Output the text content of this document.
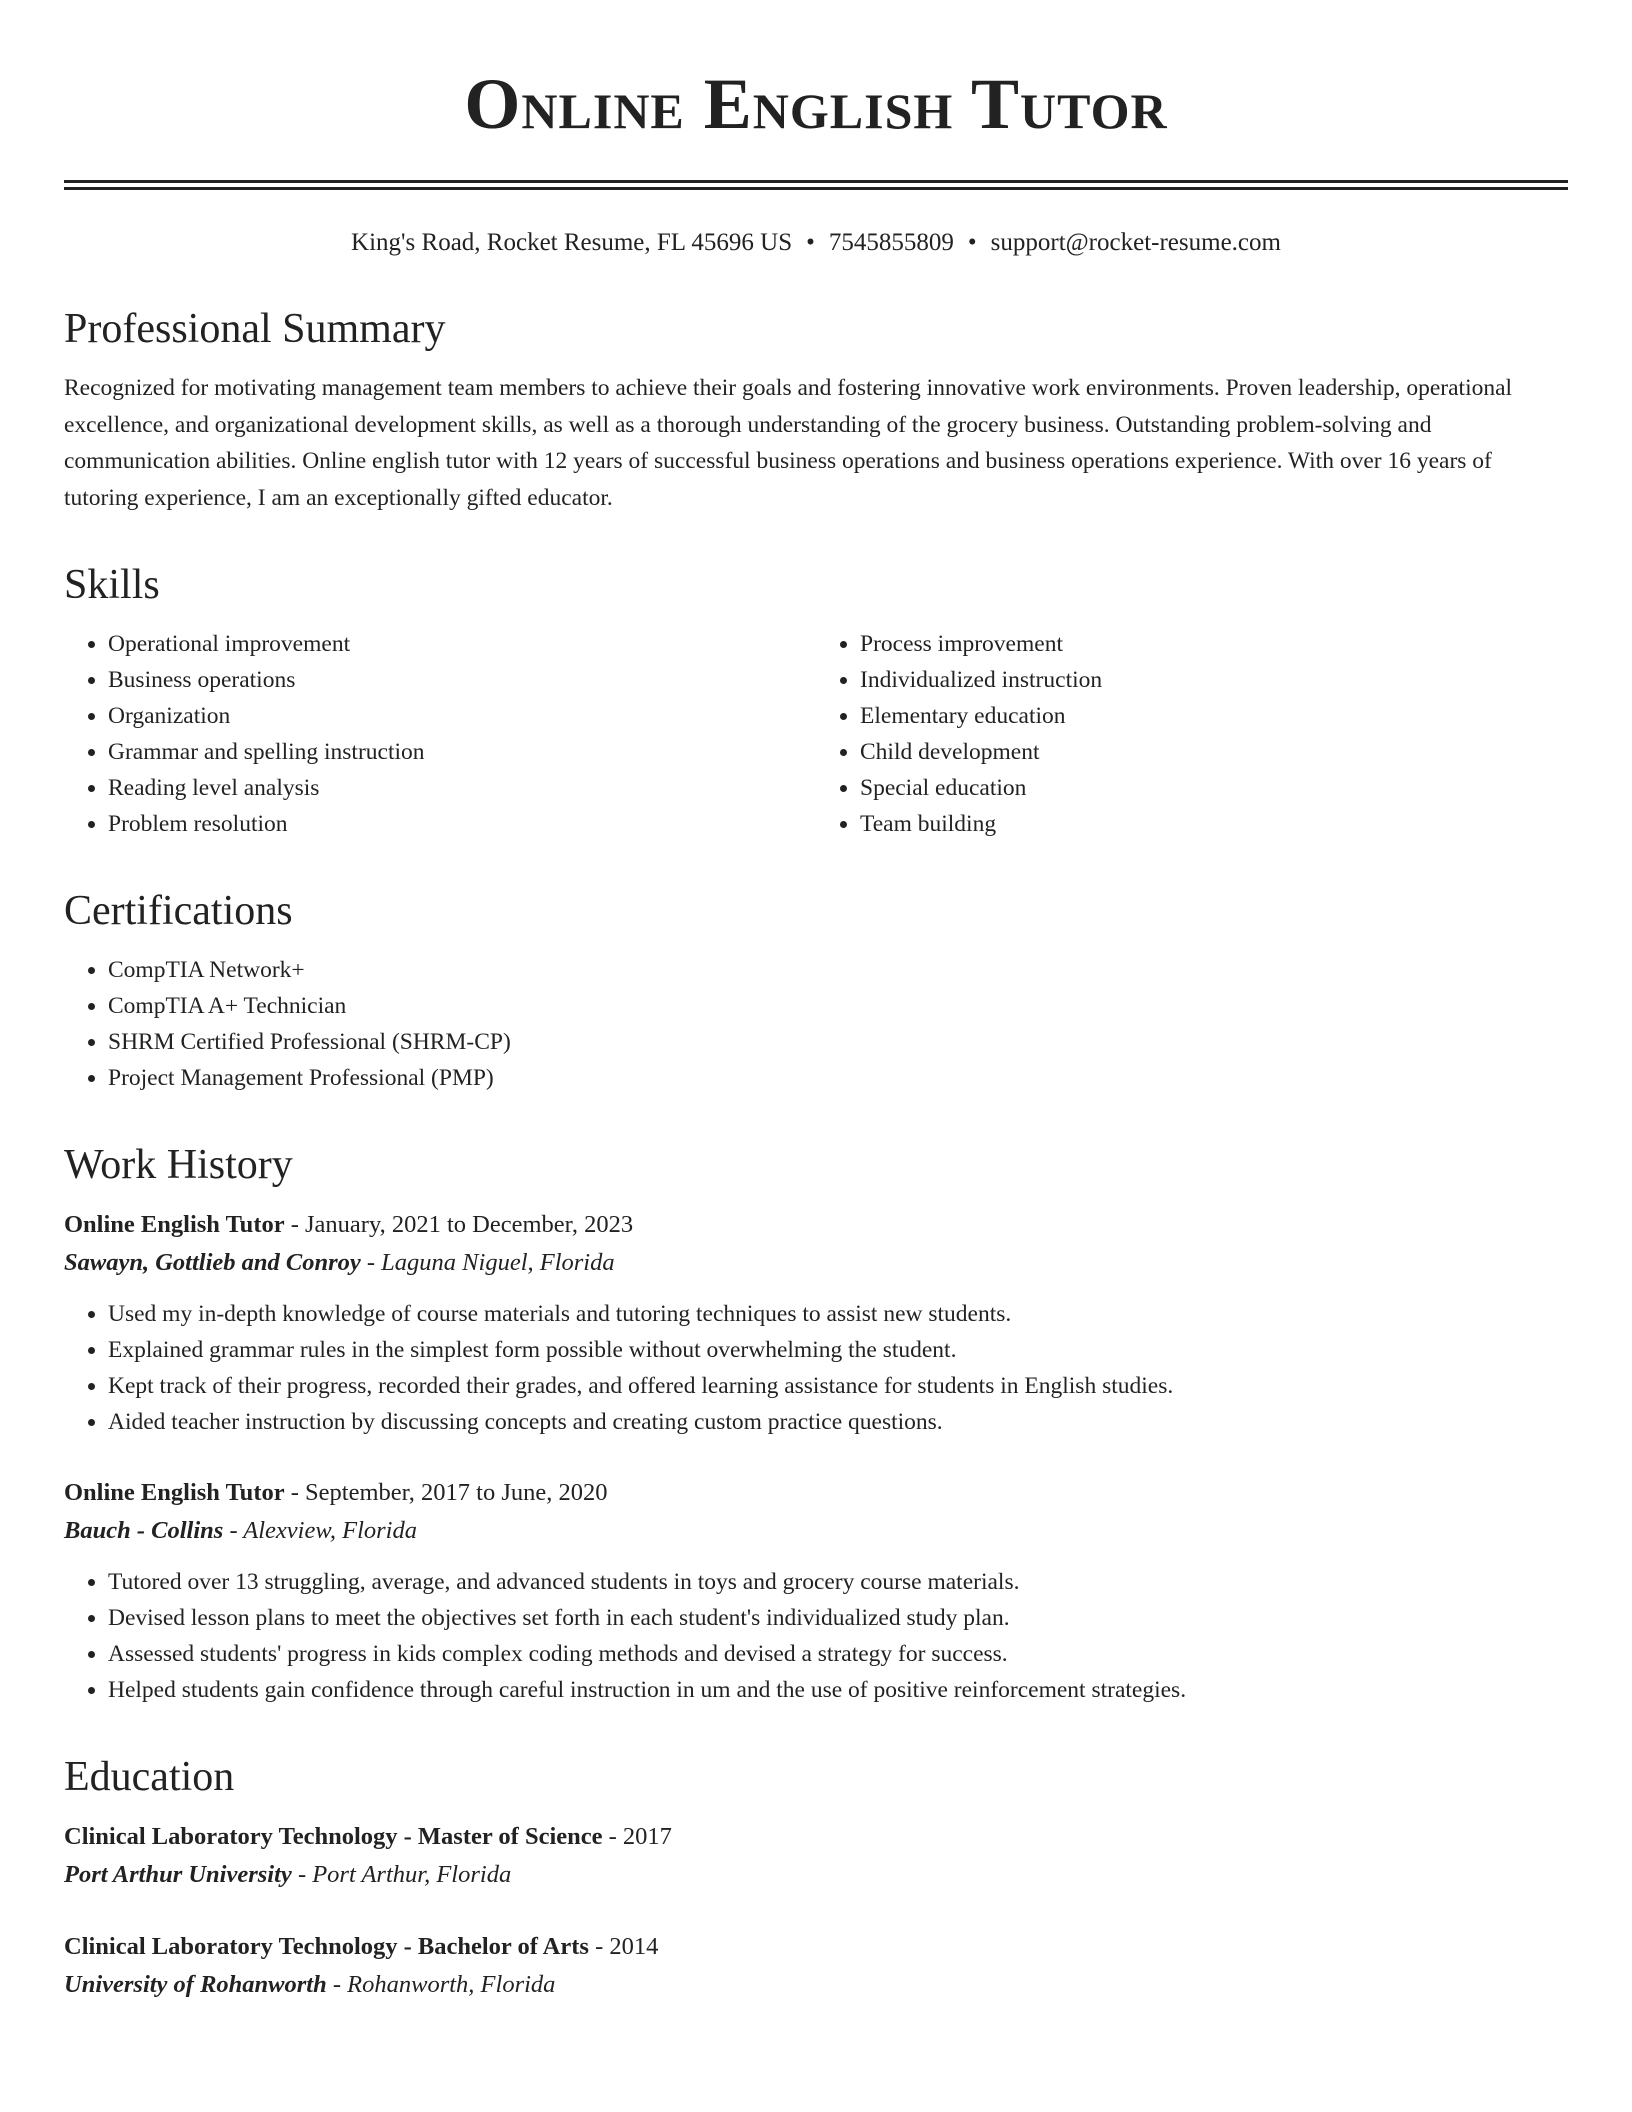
Online English Tutor
King's Road, Rocket Resume, FL 45696 US • 7545855809 • support@rocket-resume.com
Professional Summary

Recognized for motivating management team members to achieve their goals and fostering innovative work environments. Proven leadership, operational excellence, and organizational development skills, as well as a thorough understanding of the grocery business. Outstanding problem-solving and communication abilities. Online english tutor with 12 years of successful business operations and business operations experience. With over 16 years of tutoring experience, I am an exceptionally gifted educator.

Skills
• Operational improvement
• Business operations
• Organization
• Grammar and spelling instruction
• Reading level analysis
• Problem resolution
• Process improvement
• Individualized instruction
• Elementary education
• Child development
• Special education
• Team building
Certifications
• CompTIA Network+
• CompTIA A+ Technician
• SHRM Certified Professional (SHRM-CP)
• Project Management Professional (PMP)
Work History
Online English Tutor - January, 2021 to December, 2023
Sawayn, Gottlieb and Conroy - Laguna Niguel, Florida
• Used my in-depth knowledge of course materials and tutoring techniques to assist new students.
• Explained grammar rules in the simplest form possible without overwhelming the student.
• Kept track of their progress, recorded their grades, and offered learning assistance for students in English studies.
• Aided teacher instruction by discussing concepts and creating custom practice questions.
Online English Tutor - September, 2017 to June, 2020
Bauch - Collins - Alexview, Florida
• Tutored over 13 struggling, average, and advanced students in toys and grocery course materials.
• Devised lesson plans to meet the objectives set forth in each student's individualized study plan.
• Assessed students' progress in kids complex coding methods and devised a strategy for success.
• Helped students gain confidence through careful instruction in um and the use of positive reinforcement strategies.
Education
Clinical Laboratory Technology - Master of Science - 2017
Port Arthur University - Port Arthur, Florida
Clinical Laboratory Technology - Bachelor of Arts - 2014
University of Rohanworth - Rohanworth, Florida
